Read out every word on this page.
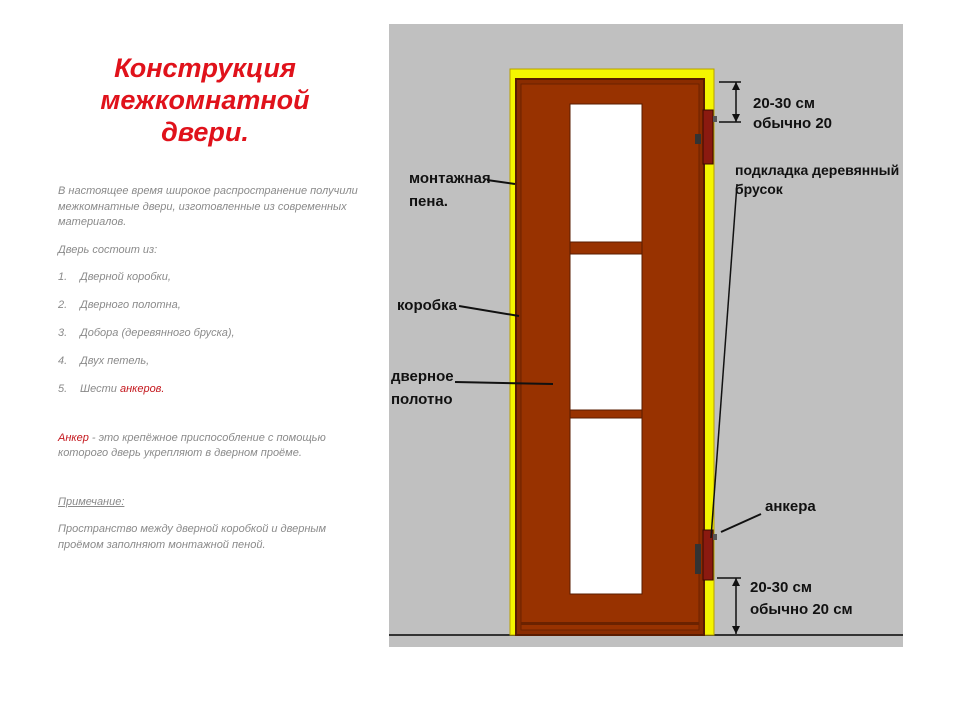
Конструкция
межкомнатной
двери.

В настоящее время широкое распространение получили межкомнатные двери, изготовленные из современных материалов.

Дверь состоит из:

1.	Дверной коробки,
2.	Дверного полотна,
3.	Добора (деревянного бруска),
4.	Двух петель,
5.	Шести
анкеров.

Анкер - это крепёжное приспособление с помощью которого дверь укрепляют в дверном проёме.

Примечание:

Пространство между дверной коробкой и дверным проёмом заполняют монтажной пеной.

монтажная
пена.
коробка
дверное
полотно
20-30 см
обычно 20
подкладка деревянный
брусок
анкера
20-30 см
обычно 20 см
